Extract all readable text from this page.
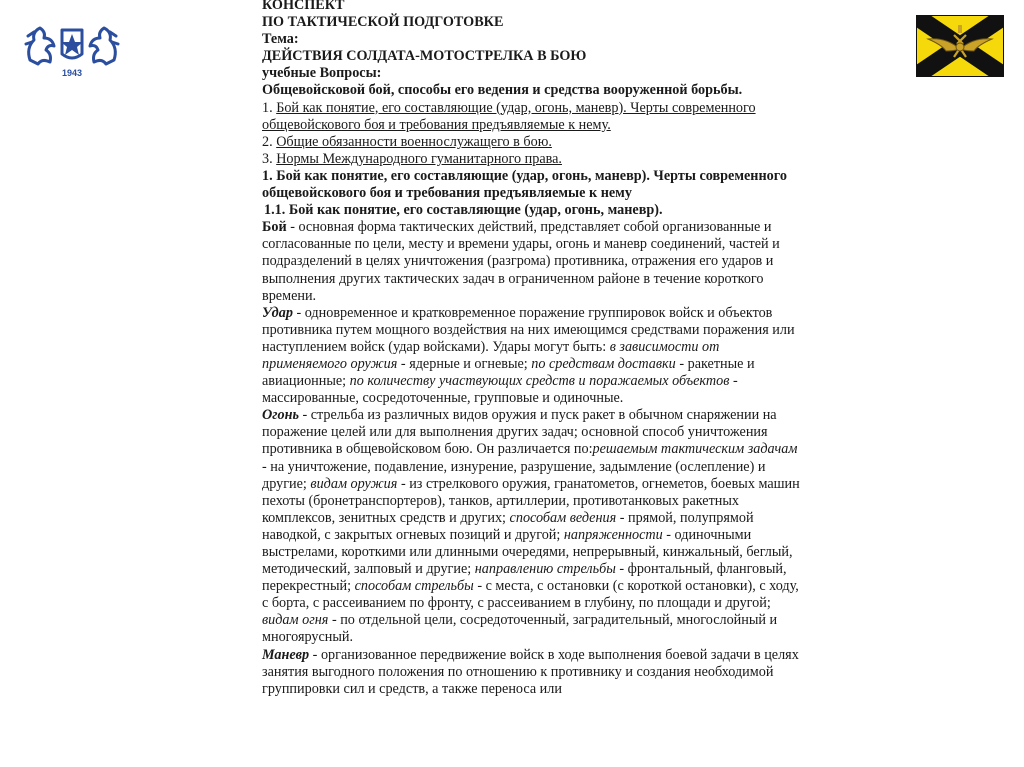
1943

КОНСПЕКТ

ПО ТАКТИЧЕСКОЙ ПОДГОТОВКЕ

Тема:

ДЕЙСТВИЯ СОЛДАТА-МОТОСТРЕЛКА В БОЮ

учебные Вопросы:

Общевойсковой бой, способы его ведения и средства вооруженной борьбы.

1. Бой как понятие, его составляющие (удар, огонь, маневр). Черты современного общевойскового боя и требования предъявляемые к нему.

2. Общие обязанности военнослужащего в бою.

3. Нормы Международного гуманитарного права.

1. Бой как понятие, его составляющие (удар, огонь, маневр). Черты современного общевойскового боя и требования предъявляемые к нему

1.1. Бой как понятие, его составляющие (удар, огонь, маневр).

Бой - основная форма тактических действий, представляет собой организованные и согласованные по цели, месту и времени удары, огонь и маневр соединений, частей и подразделений в целях уничтожения (разгрома) противника, отражения его ударов и выполнения других тактических задач в ограниченном районе в течение короткого времени.

Удар - одновременное и кратковременное поражение группировок войск и объектов противника путем мощного воздействия на них имеющимся средствами поражения или наступлением войск (удар войсками). Удары могут быть: в зависимости от применяемого оружия - ядерные и огневые; по средствам доставки - ракетные и авиационные; по количеству участвующих средств и поражаемых объектов - массированные, сосредоточенные, групповые и одиночные.

Огонь - стрельба из различных видов оружия и пуск ракет в обычном снаряжении на поражение целей или для выполнения других задач; основной способ уничтожения противника в общевойсковом бою. Он различается по:решаемым тактическим задачам - на уничтожение, подавление, изнурение, разрушение, задымление (ослепление) и другие; видам оружия - из стрелкового оружия, гранатометов, огнеметов, боевых машин пехоты (бронетранспортеров), танков, артиллерии, противотанковых ракетных комплексов, зенитных средств и других; способам ведения - прямой, полупрямой наводкой, с закрытых огневых позиций и другой; напряженности - одиночными выстрелами, короткими или длинными очередями, непрерывный, кинжальный, беглый, методический, залповый и другие; направлению стрельбы - фронтальный, фланговый, перекрестный; способам стрельбы - с места, с остановки (с короткой остановки), с ходу, с борта, с рассеиванием по фронту, с рассеиванием в глубину, по площади и другой; видам огня - по отдельной цели, сосредоточенный, заградительный, многослойный и многоярусный.

Маневр - организованное передвижение войск в ходе выполнения боевой задачи в целях занятия выгодного положения по отношению к противнику и создания необходимой группировки сил и средств, а также переноса или
